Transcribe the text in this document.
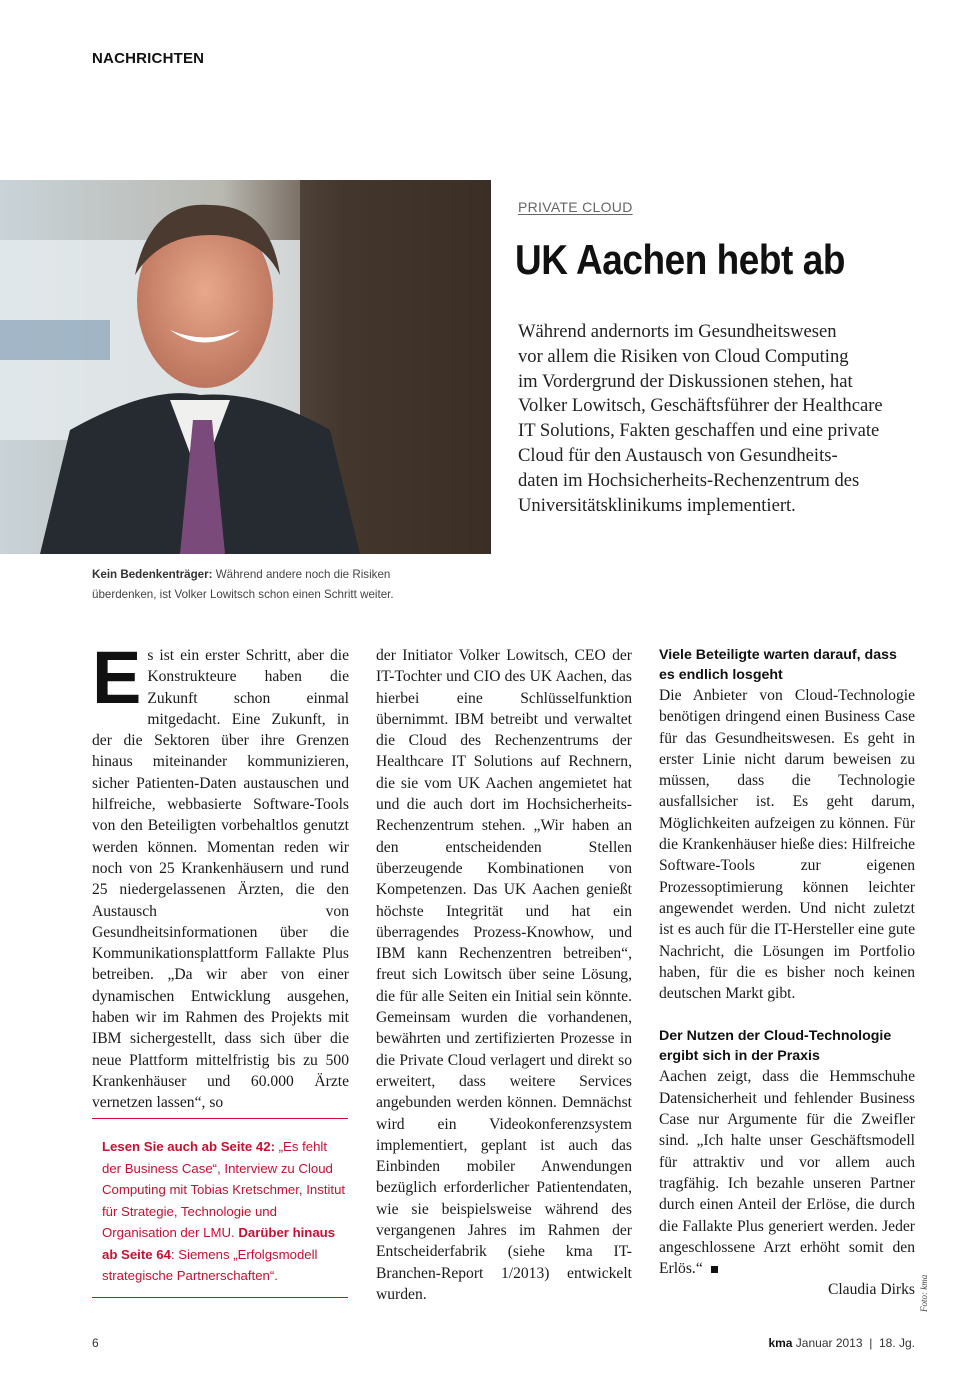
NACHRICHTEN
PRIVATE CLOUD
UK Aachen hebt ab
Während andernorts im Gesundheitswesen
vor allem die Risiken von Cloud Computing
im Vordergrund der Diskussionen stehen, hat
Volker Lowitsch, Geschäftsführer der Healthcare
IT Solutions, Fakten geschaffen und eine private
Cloud für den Austausch von Gesundheits-
daten im Hochsicherheits-Rechenzentrum des
Universitätsklinikums implementiert.
Kein Bedenkenträger: Während andere noch die Risiken überdenken, ist Volker Lowitsch schon einen Schritt weiter.
Es ist ein erster Schritt, aber die Konstrukteure haben die Zukunft schon einmal mitgedacht. Eine Zukunft, in der die Sektoren über ihre Grenzen hinaus miteinander kommunizieren, sicher Patienten-Daten austauschen und hilfreiche, webbasierte Software-Tools von den Beteiligten vorbehaltlos genutzt werden können. Momentan reden wir noch von 25 Krankenhäusern und rund 25 niedergelassenen Ärzten, die den Austausch von Gesundheitsinformationen über die Kommunikationsplattform Fallakte Plus betreiben. „Da wir aber von einer dynamischen Entwicklung ausgehen, haben wir im Rahmen des Projekts mit IBM sichergestellt, dass sich über die neue Plattform mittelfristig bis zu 500 Krankenhäuser und 60.000 Ärzte vernetzen lassen“, so

Lesen Sie auch ab Seite 42: „Es fehlt der Business Case“, Interview zu Cloud Computing mit Tobias Kretschmer, Institut für Strategie, Technologie und Organisation der LMU. Darüber hinaus ab Seite 64: Siemens „Erfolgsmodell strategische Partnerschaften“.

der Initiator Volker Lowitsch, CEO der IT-Tochter und CIO des UK Aachen, das hierbei eine Schlüsselfunktion übernimmt. IBM betreibt und verwaltet die Cloud des Rechenzentrums der Healthcare IT Solutions auf Rechnern, die sie vom UK Aachen angemietet hat und die auch dort im Hochsicherheits-Rechenzentrum stehen. „Wir haben an den entscheidenden Stellen überzeugende Kombinationen von Kompetenzen. Das UK Aachen genießt höchste Integrität und hat ein überragendes Prozess-Knowhow, und IBM kann Rechenzentren betreiben“, freut sich Lowitsch über seine Lösung, die für alle Seiten ein Initial sein könnte. Gemeinsam wurden die vorhandenen, bewährten und zertifizierten Prozesse in die Private Cloud verlagert und direkt so erweitert, dass weitere Services angebunden werden können. Demnächst wird ein Videokonferenzsystem implementiert, geplant ist auch das Einbinden mobiler Anwendungen bezüglich erforderlicher Patientendaten, wie sie beispielsweise während des vergangenen Jahres im Rahmen der Entscheiderfabrik (siehe kma IT-Branchen-Report 1/2013) entwickelt wurden.
Viele Beteiligte warten darauf, dass es endlich losgeht
Die Anbieter von Cloud-Technologie benötigen dringend einen Business Case für das Gesundheitswesen. Es geht in erster Linie nicht darum beweisen zu müssen, dass die Technologie ausfallsicher ist. Es geht darum, Möglichkeiten aufzeigen zu können. Für die Krankenhäuser hieße dies: Hilfreiche Software-Tools zur eigenen Prozessoptimierung können leichter angewendet werden. Und nicht zuletzt ist es auch für die IT-Hersteller eine gute Nachricht, die Lösungen im Portfolio haben, für die es bisher noch keinen deutschen Markt gibt.
Der Nutzen der Cloud-Technologie ergibt sich in der Praxis
Aachen zeigt, dass die Hemmschuhe Datensicherheit und fehlender Business Case nur Argumente für die Zweifler sind. „Ich halte unser Geschäftsmodell für attraktiv und vor allem auch tragfähig. Ich bezahle unseren Partner durch einen Anteil der Erlöse, die durch die Fallakte Plus generiert werden. Jeder angeschlossene Arzt erhöht somit den Erlös.“
Claudia Dirks Foto: kma
6	kma Januar 2013  |  18. Jg.
